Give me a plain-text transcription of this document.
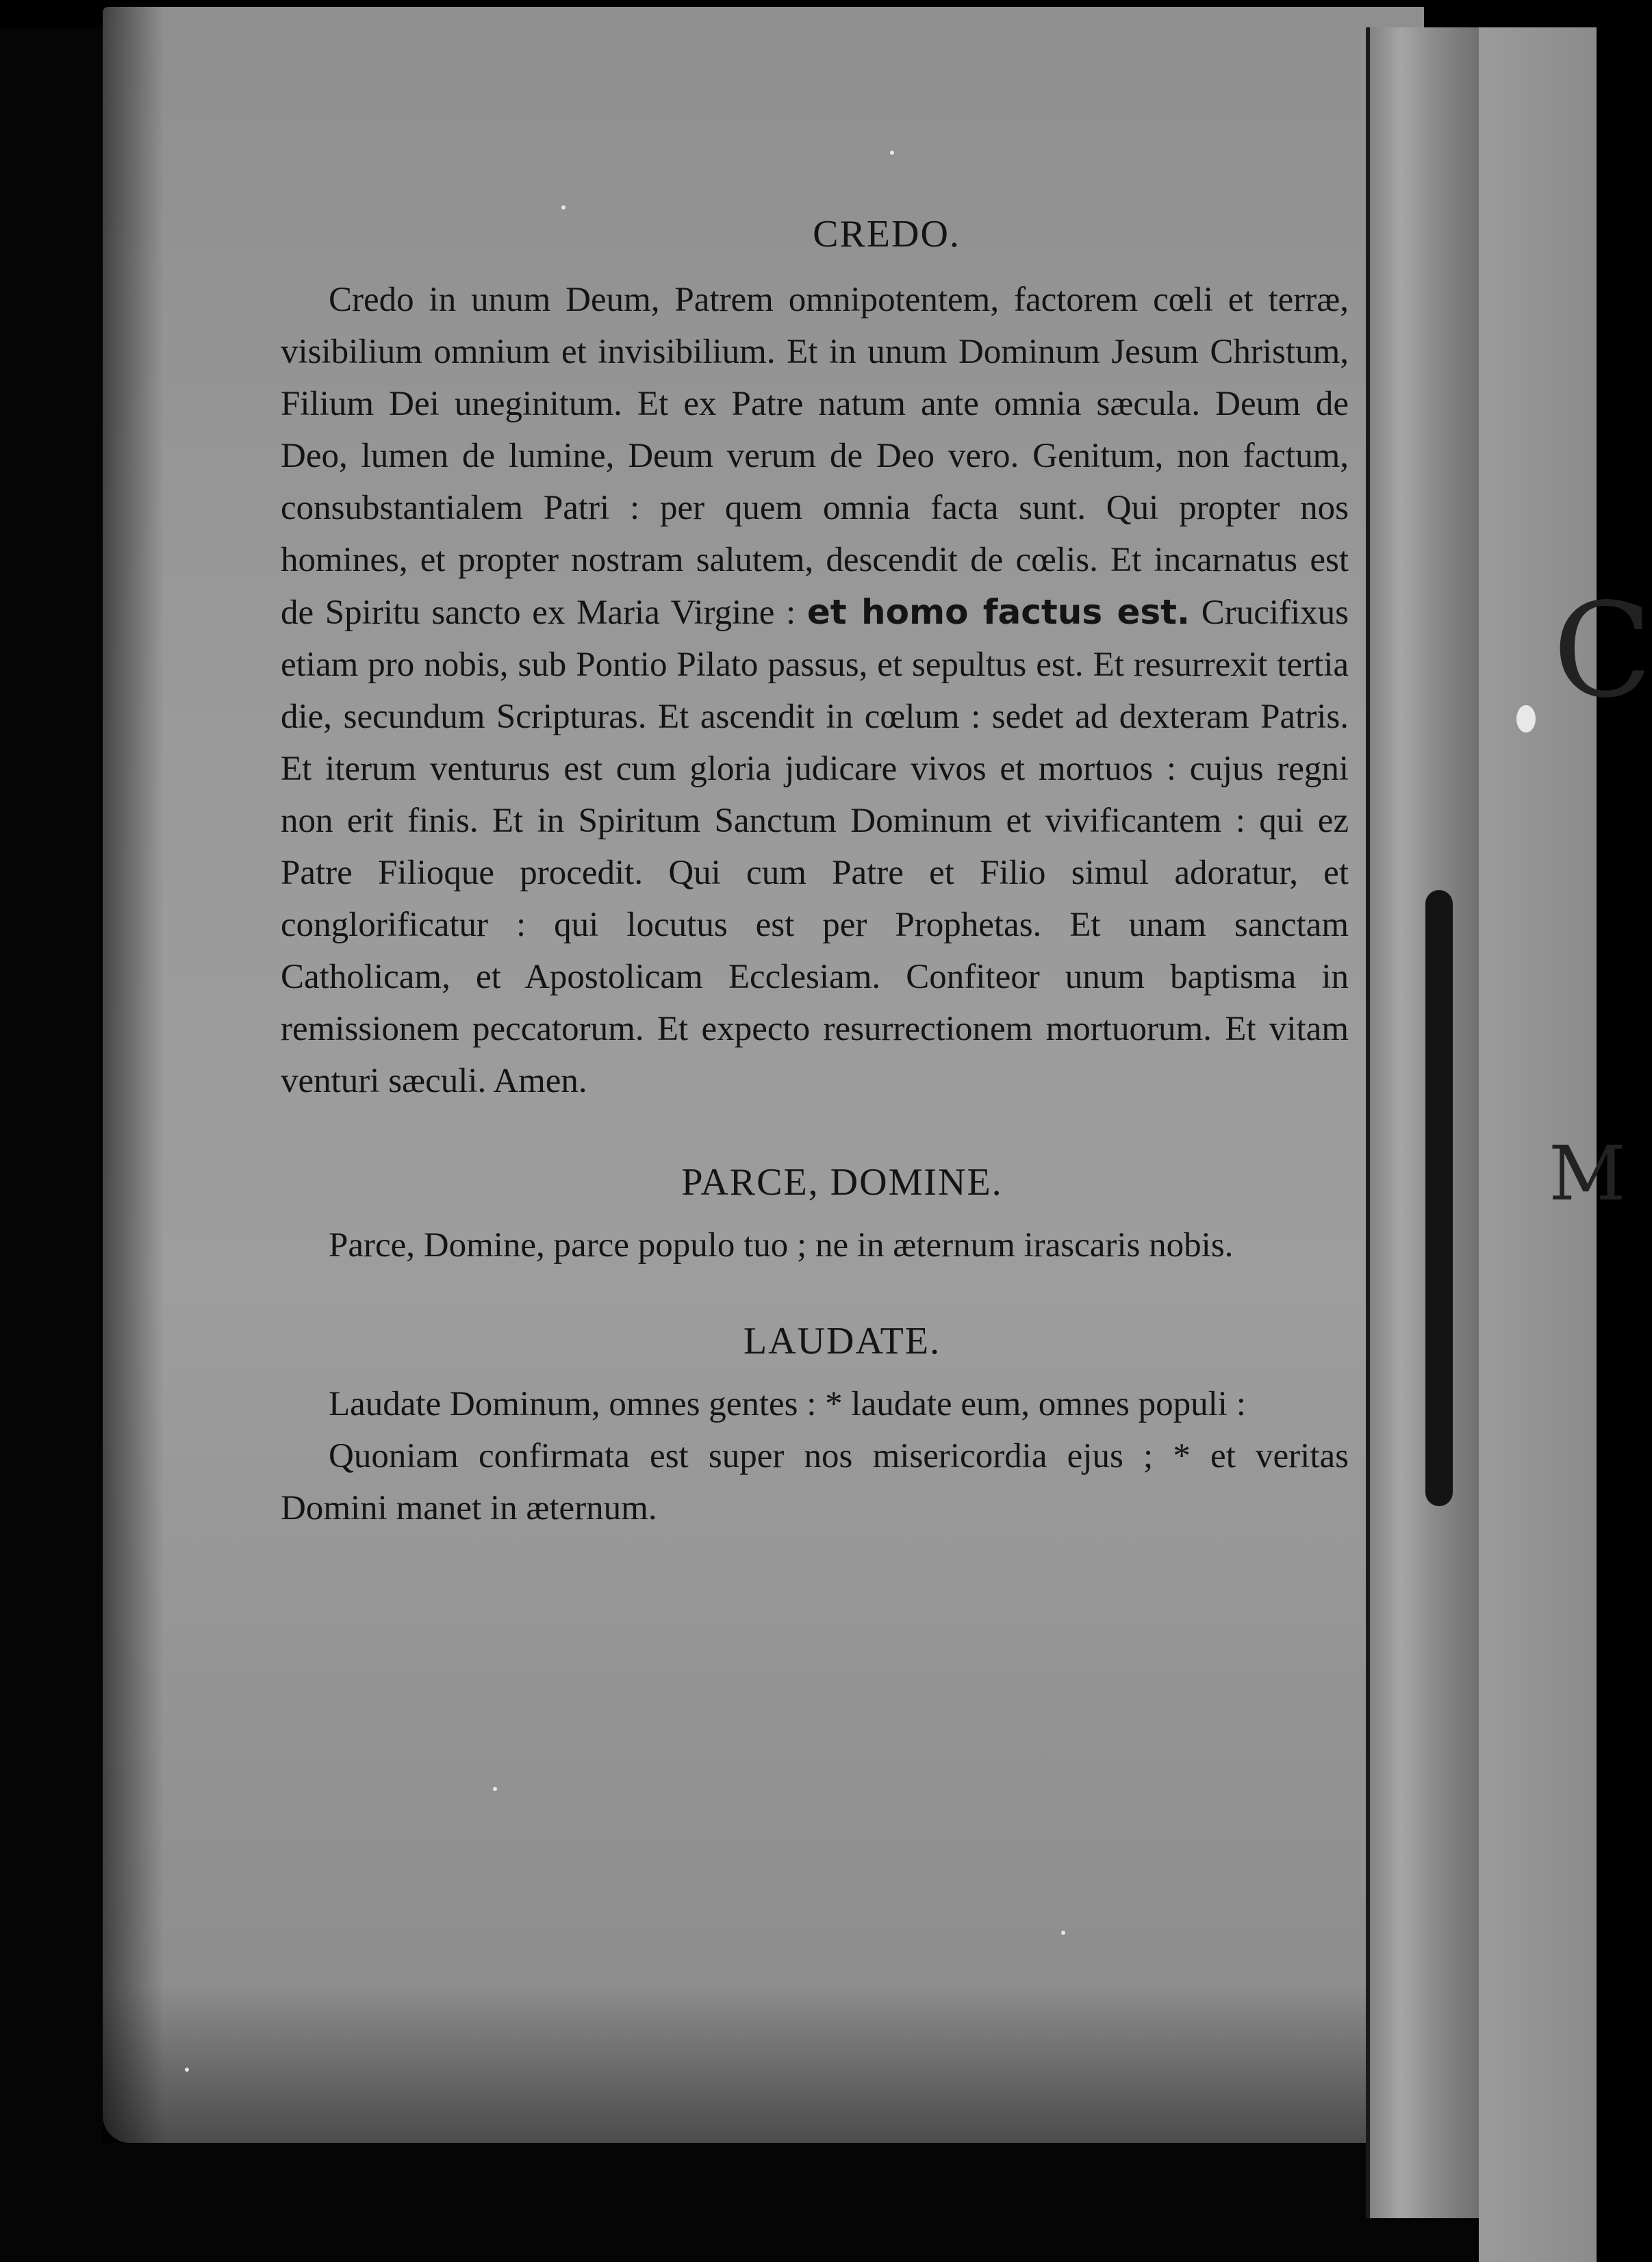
C
M
CREDO.

Credo in unum Deum, Patrem omnipotentem, factorem cœli et terræ, visibilium omnium et invisibilium. Et in unum Dominum Jesum Christum, Filium Dei uneginitum. Et ex Patre natum ante omnia sæcula. Deum de Deo, lumen de lumine, Deum verum de Deo vero. Genitum, non factum, consubstantialem Patri : per quem omnia facta sunt. Qui propter nos homines, et propter nostram salutem, descendit de cœlis. Et incarnatus est de Spiritu sancto ex Maria Virgine : et homo factus est. Crucifixus etiam pro nobis, sub Pontio Pilato passus, et sepultus est. Et resurrexit tertia die, secundum Scripturas. Et ascendit in cœlum : sedet ad dexteram Patris. Et iterum venturus est cum gloria judicare vivos et mortuos : cujus regni non erit finis. Et in Spiritum Sanctum Dominum et vivificantem : qui ez Patre Filioque procedit. Qui cum Patre et Filio simul adoratur, et conglorificatur : qui locutus est per Prophetas. Et unam sanctam Catholicam, et Apostolicam Ecclesiam. Confiteor unum baptisma in remissionem peccatorum. Et expecto resurrectionem mortuorum. Et vitam venturi sæculi. Amen.

PARCE, DOMINE.

Parce, Domine, parce populo tuo ; ne in æternum irascaris nobis.

LAUDATE.

Laudate Dominum, omnes gentes : * laudate eum, omnes populi :

Quoniam confirmata est super nos misericordia ejus ; * et veritas Domini manet in æternum.
